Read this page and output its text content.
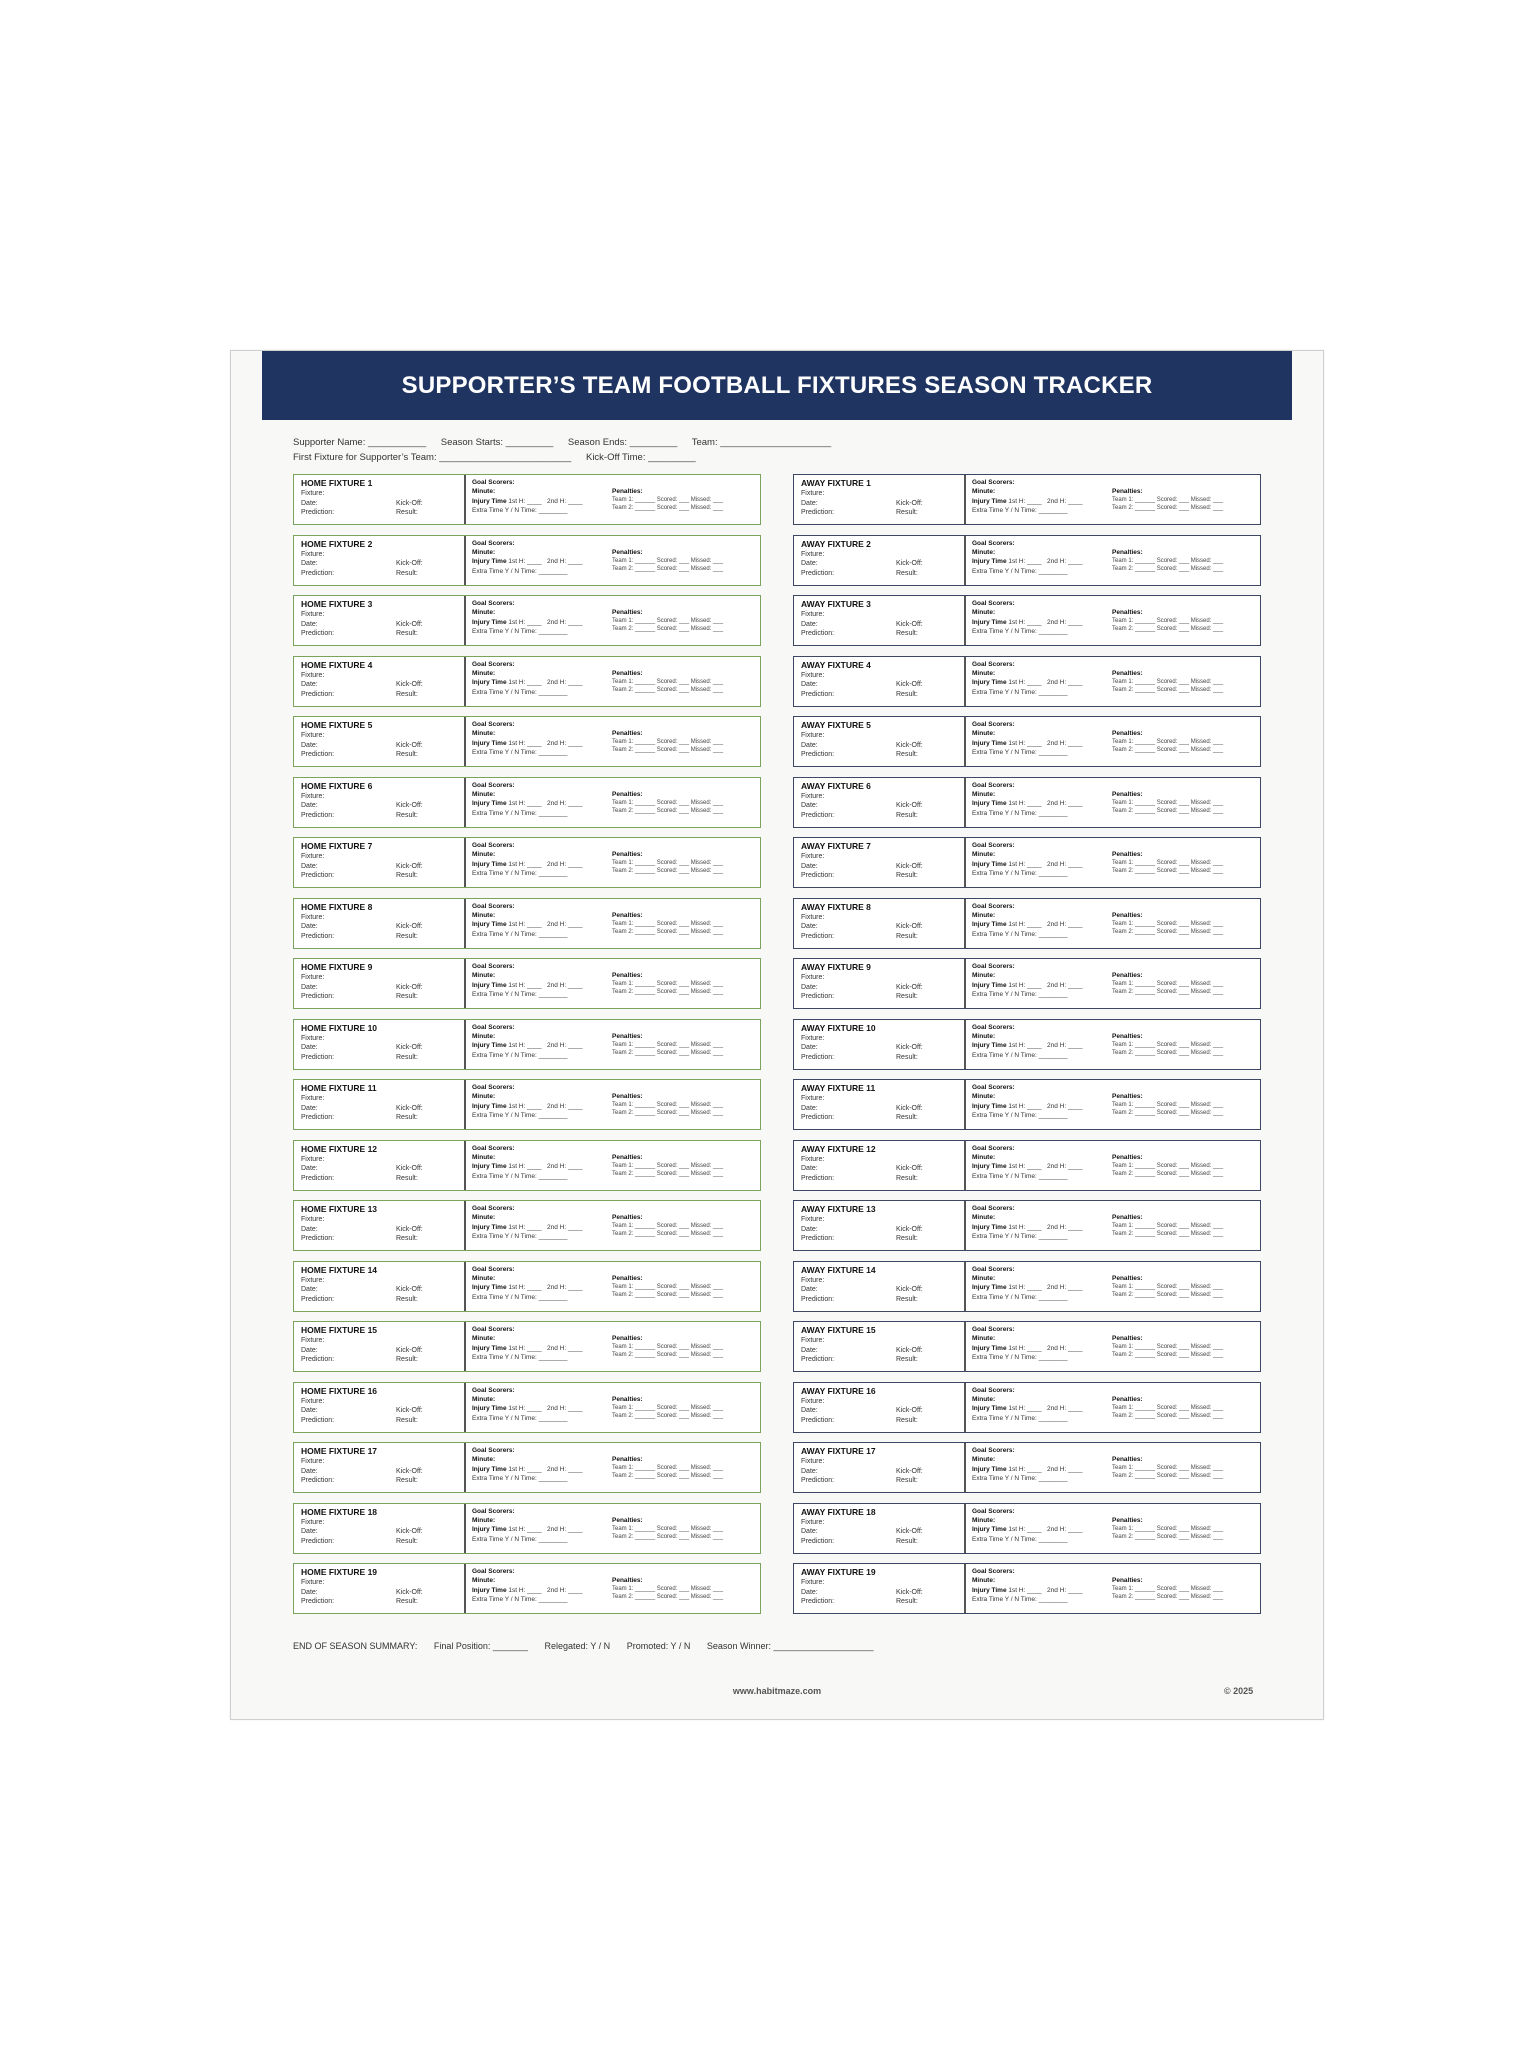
SUPPORTER’S TEAM FOOTBALL FIXTURES SEASON TRACKER
Supporter Name: ___________ Season Starts: _________ Season Ends: _________ Team: _____________________
First Fixture for Supporter’s Team: _________________________ Kick-Off Time: _________
HOME FIXTURE 1
Fixture:
Date:	Kick-Off:
Prediction:	Result:
Goal Scorers:
Minute:
Injury Time 1st H: ____ 2nd H: ____
Extra Time Y / N Time: ________
Penalties:
Team 1: ______ Scored: ___ Missed: ___
Team 2: ______ Scored: ___ Missed: ___
HOME FIXTURE 2
Fixture:
Date:	Kick-Off:
Prediction:	Result:
Goal Scorers:
Minute:
Injury Time 1st H: ____ 2nd H: ____
Extra Time Y / N Time: ________
Penalties:
Team 1: ______ Scored: ___ Missed: ___
Team 2: ______ Scored: ___ Missed: ___
HOME FIXTURE 3
Fixture:
Date:	Kick-Off:
Prediction:	Result:
Goal Scorers:
Minute:
Injury Time 1st H: ____ 2nd H: ____
Extra Time Y / N Time: ________
Penalties:
Team 1: ______ Scored: ___ Missed: ___
Team 2: ______ Scored: ___ Missed: ___
HOME FIXTURE 4
Fixture:
Date:	Kick-Off:
Prediction:	Result:
Goal Scorers:
Minute:
Injury Time 1st H: ____ 2nd H: ____
Extra Time Y / N Time: ________
Penalties:
Team 1: ______ Scored: ___ Missed: ___
Team 2: ______ Scored: ___ Missed: ___
HOME FIXTURE 5
Fixture:
Date:	Kick-Off:
Prediction:	Result:
Goal Scorers:
Minute:
Injury Time 1st H: ____ 2nd H: ____
Extra Time Y / N Time: ________
Penalties:
Team 1: ______ Scored: ___ Missed: ___
Team 2: ______ Scored: ___ Missed: ___
HOME FIXTURE 6
Fixture:
Date:	Kick-Off:
Prediction:	Result:
Goal Scorers:
Minute:
Injury Time 1st H: ____ 2nd H: ____
Extra Time Y / N Time: ________
Penalties:
Team 1: ______ Scored: ___ Missed: ___
Team 2: ______ Scored: ___ Missed: ___
HOME FIXTURE 7
Fixture:
Date:	Kick-Off:
Prediction:	Result:
Goal Scorers:
Minute:
Injury Time 1st H: ____ 2nd H: ____
Extra Time Y / N Time: ________
Penalties:
Team 1: ______ Scored: ___ Missed: ___
Team 2: ______ Scored: ___ Missed: ___
HOME FIXTURE 8
Fixture:
Date:	Kick-Off:
Prediction:	Result:
Goal Scorers:
Minute:
Injury Time 1st H: ____ 2nd H: ____
Extra Time Y / N Time: ________
Penalties:
Team 1: ______ Scored: ___ Missed: ___
Team 2: ______ Scored: ___ Missed: ___
HOME FIXTURE 9
Fixture:
Date:	Kick-Off:
Prediction:	Result:
Goal Scorers:
Minute:
Injury Time 1st H: ____ 2nd H: ____
Extra Time Y / N Time: ________
Penalties:
Team 1: ______ Scored: ___ Missed: ___
Team 2: ______ Scored: ___ Missed: ___
HOME FIXTURE 10
Fixture:
Date:	Kick-Off:
Prediction:	Result:
Goal Scorers:
Minute:
Injury Time 1st H: ____ 2nd H: ____
Extra Time Y / N Time: ________
Penalties:
Team 1: ______ Scored: ___ Missed: ___
Team 2: ______ Scored: ___ Missed: ___
HOME FIXTURE 11
Fixture:
Date:	Kick-Off:
Prediction:	Result:
Goal Scorers:
Minute:
Injury Time 1st H: ____ 2nd H: ____
Extra Time Y / N Time: ________
Penalties:
Team 1: ______ Scored: ___ Missed: ___
Team 2: ______ Scored: ___ Missed: ___
HOME FIXTURE 12
Fixture:
Date:	Kick-Off:
Prediction:	Result:
Goal Scorers:
Minute:
Injury Time 1st H: ____ 2nd H: ____
Extra Time Y / N Time: ________
Penalties:
Team 1: ______ Scored: ___ Missed: ___
Team 2: ______ Scored: ___ Missed: ___
HOME FIXTURE 13
Fixture:
Date:	Kick-Off:
Prediction:	Result:
Goal Scorers:
Minute:
Injury Time 1st H: ____ 2nd H: ____
Extra Time Y / N Time: ________
Penalties:
Team 1: ______ Scored: ___ Missed: ___
Team 2: ______ Scored: ___ Missed: ___
HOME FIXTURE 14
Fixture:
Date:	Kick-Off:
Prediction:	Result:
Goal Scorers:
Minute:
Injury Time 1st H: ____ 2nd H: ____
Extra Time Y / N Time: ________
Penalties:
Team 1: ______ Scored: ___ Missed: ___
Team 2: ______ Scored: ___ Missed: ___
HOME FIXTURE 15
Fixture:
Date:	Kick-Off:
Prediction:	Result:
Goal Scorers:
Minute:
Injury Time 1st H: ____ 2nd H: ____
Extra Time Y / N Time: ________
Penalties:
Team 1: ______ Scored: ___ Missed: ___
Team 2: ______ Scored: ___ Missed: ___
HOME FIXTURE 16
Fixture:
Date:	Kick-Off:
Prediction:	Result:
Goal Scorers:
Minute:
Injury Time 1st H: ____ 2nd H: ____
Extra Time Y / N Time: ________
Penalties:
Team 1: ______ Scored: ___ Missed: ___
Team 2: ______ Scored: ___ Missed: ___
HOME FIXTURE 17
Fixture:
Date:	Kick-Off:
Prediction:	Result:
Goal Scorers:
Minute:
Injury Time 1st H: ____ 2nd H: ____
Extra Time Y / N Time: ________
Penalties:
Team 1: ______ Scored: ___ Missed: ___
Team 2: ______ Scored: ___ Missed: ___
HOME FIXTURE 18
Fixture:
Date:	Kick-Off:
Prediction:	Result:
Goal Scorers:
Minute:
Injury Time 1st H: ____ 2nd H: ____
Extra Time Y / N Time: ________
Penalties:
Team 1: ______ Scored: ___ Missed: ___
Team 2: ______ Scored: ___ Missed: ___
HOME FIXTURE 19
Fixture:
Date:	Kick-Off:
Prediction:	Result:
Goal Scorers:
Minute:
Injury Time 1st H: ____ 2nd H: ____
Extra Time Y / N Time: ________
Penalties:
Team 1: ______ Scored: ___ Missed: ___
Team 2: ______ Scored: ___ Missed: ___
AWAY FIXTURE 1
Fixture:
Date:	Kick-Off:
Prediction:	Result:
Goal Scorers:
Minute:
Injury Time 1st H: ____ 2nd H: ____
Extra Time Y / N Time: ________
Penalties:
Team 1: ______ Scored: ___ Missed: ___
Team 2: ______ Scored: ___ Missed: ___
AWAY FIXTURE 2
Fixture:
Date:	Kick-Off:
Prediction:	Result:
Goal Scorers:
Minute:
Injury Time 1st H: ____ 2nd H: ____
Extra Time Y / N Time: ________
Penalties:
Team 1: ______ Scored: ___ Missed: ___
Team 2: ______ Scored: ___ Missed: ___
AWAY FIXTURE 3
Fixture:
Date:	Kick-Off:
Prediction:	Result:
Goal Scorers:
Minute:
Injury Time 1st H: ____ 2nd H: ____
Extra Time Y / N Time: ________
Penalties:
Team 1: ______ Scored: ___ Missed: ___
Team 2: ______ Scored: ___ Missed: ___
AWAY FIXTURE 4
Fixture:
Date:	Kick-Off:
Prediction:	Result:
Goal Scorers:
Minute:
Injury Time 1st H: ____ 2nd H: ____
Extra Time Y / N Time: ________
Penalties:
Team 1: ______ Scored: ___ Missed: ___
Team 2: ______ Scored: ___ Missed: ___
AWAY FIXTURE 5
Fixture:
Date:	Kick-Off:
Prediction:	Result:
Goal Scorers:
Minute:
Injury Time 1st H: ____ 2nd H: ____
Extra Time Y / N Time: ________
Penalties:
Team 1: ______ Scored: ___ Missed: ___
Team 2: ______ Scored: ___ Missed: ___
AWAY FIXTURE 6
Fixture:
Date:	Kick-Off:
Prediction:	Result:
Goal Scorers:
Minute:
Injury Time 1st H: ____ 2nd H: ____
Extra Time Y / N Time: ________
Penalties:
Team 1: ______ Scored: ___ Missed: ___
Team 2: ______ Scored: ___ Missed: ___
AWAY FIXTURE 7
Fixture:
Date:	Kick-Off:
Prediction:	Result:
Goal Scorers:
Minute:
Injury Time 1st H: ____ 2nd H: ____
Extra Time Y / N Time: ________
Penalties:
Team 1: ______ Scored: ___ Missed: ___
Team 2: ______ Scored: ___ Missed: ___
AWAY FIXTURE 8
Fixture:
Date:	Kick-Off:
Prediction:	Result:
Goal Scorers:
Minute:
Injury Time 1st H: ____ 2nd H: ____
Extra Time Y / N Time: ________
Penalties:
Team 1: ______ Scored: ___ Missed: ___
Team 2: ______ Scored: ___ Missed: ___
AWAY FIXTURE 9
Fixture:
Date:	Kick-Off:
Prediction:	Result:
Goal Scorers:
Minute:
Injury Time 1st H: ____ 2nd H: ____
Extra Time Y / N Time: ________
Penalties:
Team 1: ______ Scored: ___ Missed: ___
Team 2: ______ Scored: ___ Missed: ___
AWAY FIXTURE 10
Fixture:
Date:	Kick-Off:
Prediction:	Result:
Goal Scorers:
Minute:
Injury Time 1st H: ____ 2nd H: ____
Extra Time Y / N Time: ________
Penalties:
Team 1: ______ Scored: ___ Missed: ___
Team 2: ______ Scored: ___ Missed: ___
AWAY FIXTURE 11
Fixture:
Date:	Kick-Off:
Prediction:	Result:
Goal Scorers:
Minute:
Injury Time 1st H: ____ 2nd H: ____
Extra Time Y / N Time: ________
Penalties:
Team 1: ______ Scored: ___ Missed: ___
Team 2: ______ Scored: ___ Missed: ___
AWAY FIXTURE 12
Fixture:
Date:	Kick-Off:
Prediction:	Result:
Goal Scorers:
Minute:
Injury Time 1st H: ____ 2nd H: ____
Extra Time Y / N Time: ________
Penalties:
Team 1: ______ Scored: ___ Missed: ___
Team 2: ______ Scored: ___ Missed: ___
AWAY FIXTURE 13
Fixture:
Date:	Kick-Off:
Prediction:	Result:
Goal Scorers:
Minute:
Injury Time 1st H: ____ 2nd H: ____
Extra Time Y / N Time: ________
Penalties:
Team 1: ______ Scored: ___ Missed: ___
Team 2: ______ Scored: ___ Missed: ___
AWAY FIXTURE 14
Fixture:
Date:	Kick-Off:
Prediction:	Result:
Goal Scorers:
Minute:
Injury Time 1st H: ____ 2nd H: ____
Extra Time Y / N Time: ________
Penalties:
Team 1: ______ Scored: ___ Missed: ___
Team 2: ______ Scored: ___ Missed: ___
AWAY FIXTURE 15
Fixture:
Date:	Kick-Off:
Prediction:	Result:
Goal Scorers:
Minute:
Injury Time 1st H: ____ 2nd H: ____
Extra Time Y / N Time: ________
Penalties:
Team 1: ______ Scored: ___ Missed: ___
Team 2: ______ Scored: ___ Missed: ___
AWAY FIXTURE 16
Fixture:
Date:	Kick-Off:
Prediction:	Result:
Goal Scorers:
Minute:
Injury Time 1st H: ____ 2nd H: ____
Extra Time Y / N Time: ________
Penalties:
Team 1: ______ Scored: ___ Missed: ___
Team 2: ______ Scored: ___ Missed: ___
AWAY FIXTURE 17
Fixture:
Date:	Kick-Off:
Prediction:	Result:
Goal Scorers:
Minute:
Injury Time 1st H: ____ 2nd H: ____
Extra Time Y / N Time: ________
Penalties:
Team 1: ______ Scored: ___ Missed: ___
Team 2: ______ Scored: ___ Missed: ___
AWAY FIXTURE 18
Fixture:
Date:	Kick-Off:
Prediction:	Result:
Goal Scorers:
Minute:
Injury Time 1st H: ____ 2nd H: ____
Extra Time Y / N Time: ________
Penalties:
Team 1: ______ Scored: ___ Missed: ___
Team 2: ______ Scored: ___ Missed: ___
AWAY FIXTURE 19
Fixture:
Date:	Kick-Off:
Prediction:	Result:
Goal Scorers:
Minute:
Injury Time 1st H: ____ 2nd H: ____
Extra Time Y / N Time: ________
Penalties:
Team 1: ______ Scored: ___ Missed: ___
Team 2: ______ Scored: ___ Missed: ___
END OF SEASON SUMMARY: Final Position: _______ Relegated: Y / N Promoted: Y / N Season Winner: ____________________
www.habitmaze.com	© 2025
